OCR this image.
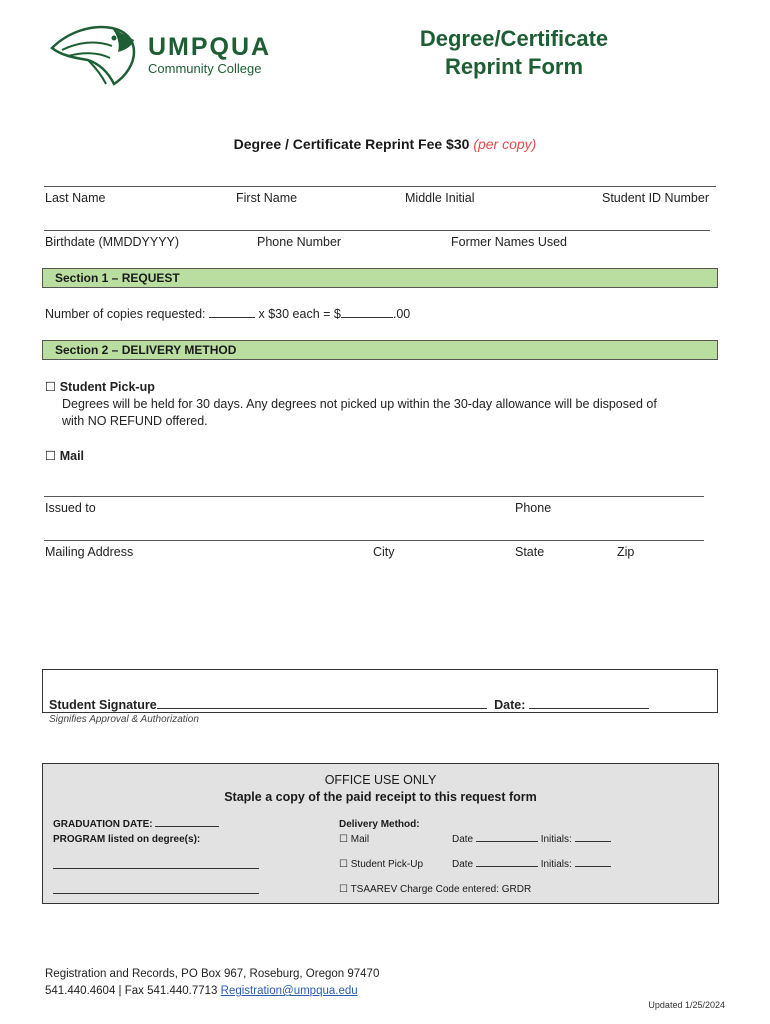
UMPQUA
Community College
Degree/Certificate
Reprint Form
Degree / Certificate Reprint Fee $30 (per copy)
Last Name	First Name	Middle Initial	Student ID Number
Birthdate (MMDDYYYY)	Phone Number	Former Names Used
Section 1 – REQUEST
Number of copies requested:	x $30 each = $	.00
Section 2 – DELIVERY METHOD
☐ Student Pick-up
Degrees will be held for 30 days. Any degrees not picked up within the 30-day allowance will be disposed of
with NO REFUND offered.
☐ Mail
Issued to	Phone
Mailing Address	City	State	Zip
Student Signature	Date:
Signifies Approval & Authorization
OFFICE USE ONLY
Staple a copy of the paid receipt to this request form
GRADUATION DATE:
PROGRAM listed on degree(s):
Delivery Method:
☐ Mail	Date	Initials:
☐ Student Pick-Up	Date	Initials:
☐ TSAAREV Charge Code entered: GRDR
Registration and Records, PO Box 967, Roseburg, Oregon 97470
541.440.4604 | Fax 541.440.7713 Registration@umpqua.edu
Updated 1/25/2024
